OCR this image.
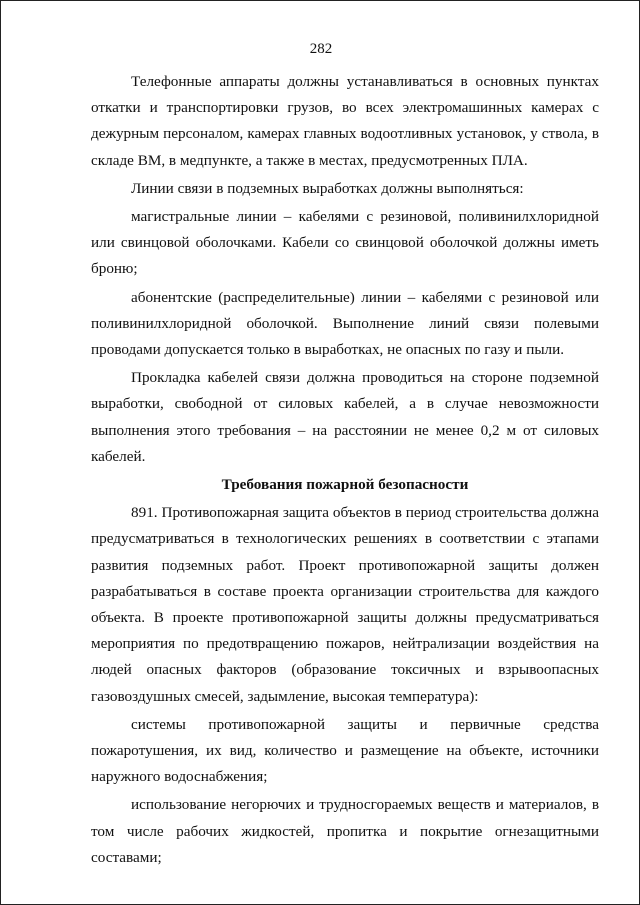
282

Телефонные аппараты должны устанавливаться в основных пунктах откатки и транспортировки грузов, во всех электромашинных камерах с дежурным персоналом, камерах главных водоотливных установок, у ствола, в складе ВМ, в медпункте, а также в местах, предусмотренных ПЛА.

Линии связи в подземных выработках должны выполняться:

магистральные линии – кабелями с резиновой, поливинилхлоридной или свинцовой оболочками. Кабели со свинцовой оболочкой должны иметь броню;

абонентские (распределительные) линии – кабелями с резиновой или поливинилхлоридной оболочкой. Выполнение линий связи полевыми проводами допускается только в выработках, не опасных по газу и пыли.

Прокладка кабелей связи должна проводиться на стороне подземной выработки, свободной от силовых кабелей, а в случае невозможности выполнения этого требования – на расстоянии не менее 0,2 м от силовых кабелей.

Требования пожарной безопасности

891. Противопожарная защита объектов в период строительства должна предусматриваться в технологических решениях в соответствии с этапами развития подземных работ. Проект противопожарной защиты должен разрабатываться в составе проекта организации строительства для каждого объекта. В проекте противопожарной защиты должны предусматриваться мероприятия по предотвращению пожаров, нейтрализации воздействия на людей опасных факторов (образование токсичных и взрывоопасных газовоздушных смесей, задымление, высокая температура):

системы противопожарной защиты и первичные средства пожаротушения, их вид, количество и размещение на объекте, источники наружного водоснабжения;

использование негорючих и трудносгораемых веществ и материалов, в том числе рабочих жидкостей, пропитка и покрытие огнезащитными составами;
